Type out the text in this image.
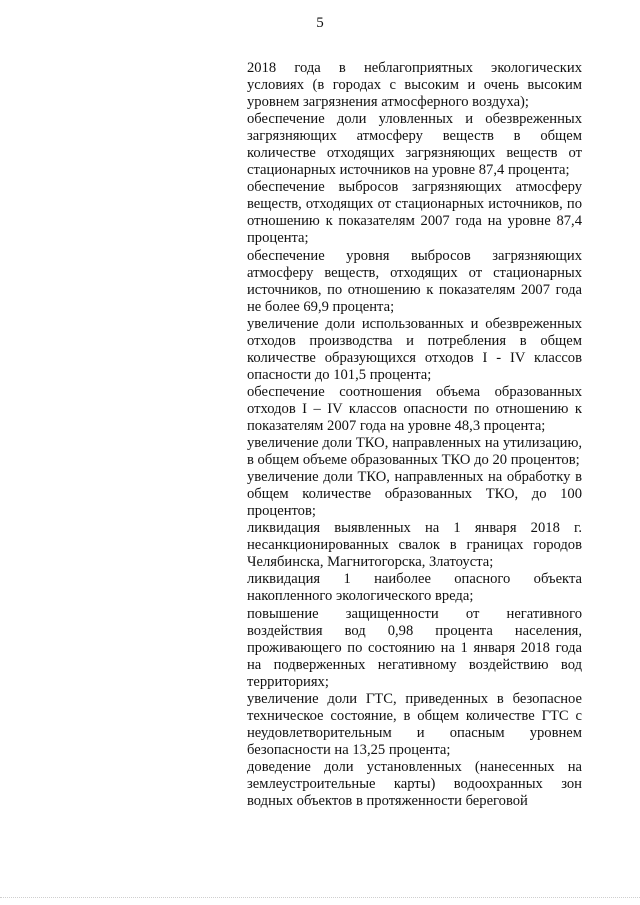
5

2018 года в неблагоприятных экологических условиях (в городах с высоким и очень высоким уровнем загрязнения атмосферного воздуха);

обеспечение доли уловленных и обезвреженных загрязняющих атмосферу веществ в общем количестве отходящих загрязняющих веществ от стационарных источников на уровне 87,4 процента;

обеспечение выбросов загрязняющих атмосферу веществ, отходящих от стационарных источников, по отношению к показателям 2007 года на уровне 87,4 процента;

обеспечение уровня выбросов загрязняющих атмосферу веществ, отходящих от стационарных источников, по отношению к показателям 2007 года не более 69,9 процента;

увеличение доли использованных и обезвреженных отходов производства и потребления в общем количестве образующихся отходов I - IV классов опасности до 101,5 процента;

обеспечение соотношения объема образованных отходов I – IV классов опасности по отношению к показателям 2007 года на уровне 48,3 процента;

увеличение доли ТКО, направленных на утилизацию, в общем объеме образованных ТКО до 20 процентов;

увеличение доли ТКО, направленных на обработку в общем количестве образованных ТКО, до 100 процентов;

ликвидация выявленных на 1 января 2018 г. несанкционированных свалок в границах городов Челябинска, Магнитогорска, Златоуста;

ликвидация 1 наиболее опасного объекта накопленного экологического вреда;

повышение защищенности от негативного воздействия вод 0,98 процента населения, проживающего по состоянию на 1 января 2018 года на подверженных негативному воздействию вод территориях;

увеличение доли ГТС, приведенных в безопасное техническое состояние, в общем количестве ГТС с неудовлетворительным и опасным уровнем безопасности на 13,25 процента;

доведение доли установленных (нанесенных на землеустроительные карты) водоохранных зон водных объектов в протяженности береговой
